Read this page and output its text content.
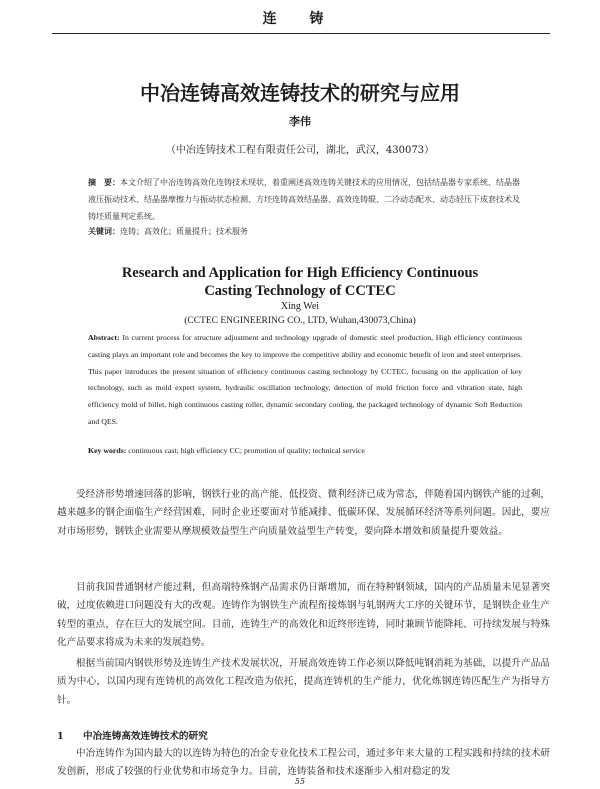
连 铸
中冶连铸高效连铸技术的研究与应用
李伟
（中冶连铸技术工程有限责任公司，湖北，武汉，430073）
摘　要：本文介绍了中冶连铸高效化连铸技术现状，着重阐述高效连铸关键技术的应用情况，包括结晶器专家系统、结晶器液压振动技术、结晶器摩擦力与振动状态检测、方坯连铸高效结晶器、高效连铸辊、二冷动态配水、动态轻压下成套技术及铸坯质量判定系统。
关键词：连铸；高效化；质量提升；技术服务
Research and Application for High Efficiency Continuous
Casting Technology of CCTEC
Xing Wei
(CCTEC ENGINEERING CO., LTD, Wuhan,430073,China)
Abstract: In current process for structure adjustment and technology upgrade of domestic steel production, High efficiency continuous casting plays an important role and becomes the key to improve the competitive ability and economic benefit of iron and steel enterprises. This paper introduces the present situation of efficiency continuous casting technology by CCTEC, focusing on the application of key technology, such as mold expert system, hydraulic oscillation technology, detection of mold friction force and vibration state, high efficiency mold of billet, high continuous casting roller, dynamic secondary cooling, the packaged technology of dynamic Soft Reduction and QES.
Key words: continuous cast; high efficiency CC; promotion of quality; technical service
受经济形势增速回落的影响，钢铁行业的高产能、低投资、微利经济已成为常态，伴随着国内钢铁产能的过剩，越来越多的钢企面临生产经营困难，同时企业还要面对节能减排、低碳环保、发展循环经济等系列问题。因此，要应对市场形势，钢铁企业需要从摩规模效益型生产向质量效益型生产转变，要向降本增效和质量提升要效益。
目前我国普通钢材产能过剩，但高端特殊钢产品需求仍日渐增加，而在特种钢领域，国内的产品质量未见显著突破，过度依赖进口问题没有大的改观。连铸作为钢铁生产流程衔接炼钢与轧钢两大工序的关键环节，是钢铁企业生产转型的重点，存在巨大的发展空间。目前，连铸生产的高效化和近终形连铸，同时兼顾节能降耗、可持续发展与特殊化产品要求将成为未来的发展趋势。
根据当前国内钢铁形势及连铸生产技术发展状况，开展高效连铸工作必须以降低吨钢消耗为基础，以提升产品品质为中心，以国内现有连铸机的高效化工程改造为依托，提高连铸机的生产能力，优化炼钢连铸匹配生产为指导方针。
1 中冶连铸高效连铸技术的研究
中冶连铸作为国内最大的以连铸为特色的冶金专业化技术工程公司，通过多年来大量的工程实践和持续的技术研发创新，形成了较强的行业优势和市场竞争力。目前，连铸装备和技术逐渐步入相对稳定的发
55
